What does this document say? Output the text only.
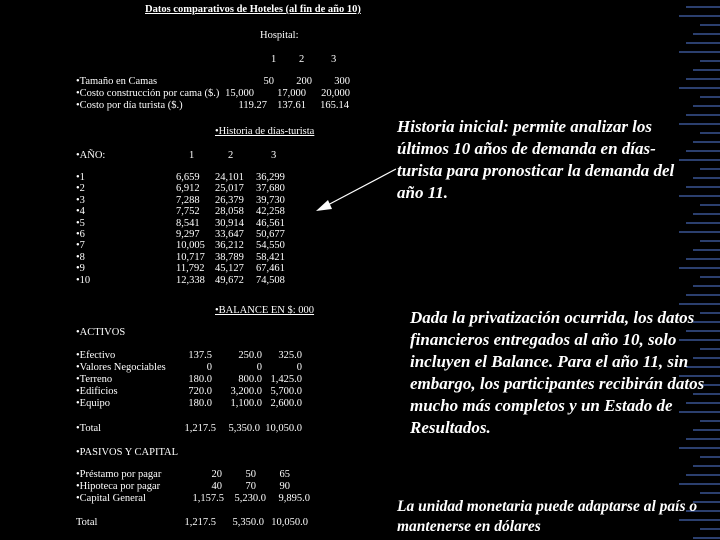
Datos comparativos de Hoteles (al fin de año 10)
Hospital:
1 2	3
•Tamaño en Camas	50	200	300
•Costo construcción por cama ($.) 15,000	17,000	20,000
•Costo por día turista ($.)	119.27 137.61	165.14
•Historia de días-turista
•AÑO:	1	2	3
•1	6,659 24,101 36,299
•2	6,912 25,017 37,680
•3	7,288 26,379 39,730
•4	7,752 28,058 42,258
•5	8,541 30,914 46,561
•6	9,297 33,647 50,677
•7	10,005 36,212 54,550
•8	10,717 38,789 58,421
•9	11,792 45,127 67,461
•10	12,338 49,672 74,508
•BALANCE EN $: 000
•ACTIVOS
•Efectivo	137.5	250.0	325.0
•Valores Negociables	0	0	0
•Terreno	180.0	800.0 1,425.0
•Edificios	720.0	3,200.0 5,700.0
•Equipo	180.0	1,100.0 2,600.0
•Total	1,217.5	5,350.0 10,050.0
•PASIVOS Y CAPITAL
•Préstamo por pagar	20	50	65
•Hipoteca por pagar	40	70	90
•Capital General	1,157.5	5,230.0	9,895.0
Total	1,217.5	5,350.0 10,050.0
Historia inicial: permite analizar los últimos 10 años de demanda en días-turista para pronosticar la demanda del año 11.
Dada la privatización ocurrida, los datos financieros entregados al año 10, solo incluyen el Balance. Para el año 11, sin embargo, los participantes recibirán datos mucho más completos y un Estado de Resultados.
La unidad monetaria puede adaptarse al país o mantenerse en dólares
